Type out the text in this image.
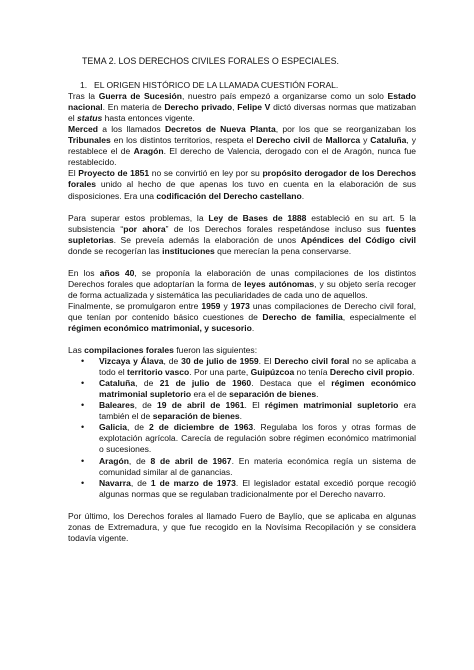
TEMA 2. LOS DERECHOS CIVILES FORALES O ESPECIALES.
1. EL ORIGEN HISTÓRICO DE LA LLAMADA CUESTIÓN FORAL.

Tras la Guerra de Sucesión, nuestro país empezó a organizarse como un solo Estado nacional. En materia de Derecho privado, Felipe V dictó diversas normas que matizaban el status hasta entonces vigente.

Merced a los llamados Decretos de Nueva Planta, por los que se reorganizaban los Tribunales en los distintos territorios, respeta el Derecho civil de Mallorca y Cataluña, y restablece el de Aragón. El derecho de Valencia, derogado con el de Aragón, nunca fue restablecido.

El Proyecto de 1851 no se convirtió en ley por su propósito derogador de los Derechos forales unido al hecho de que apenas los tuvo en cuenta en la elaboración de sus disposiciones. Era una codificación del Derecho castellano.

Para superar estos problemas, la Ley de Bases de 1888 estableció en su art. 5 la subsistencia “por ahora” de los Derechos forales respetándose incluso sus fuentes supletorias. Se preveía además la elaboración de unos Apéndices del Código civil donde se recogerían las instituciones que merecían la pena conservarse.

En los años 40, se proponía la elaboración de unas compilaciones de los distintos Derechos forales que adoptarían la forma de leyes autónomas, y su objeto sería recoger de forma actualizada y sistemática las peculiaridades de cada uno de aquellos.

Finalmente, se promulgaron entre 1959 y 1973 unas compilaciones de Derecho civil foral, que tenían por contenido básico cuestiones de Derecho de familia, especialmente el régimen económico matrimonial, y sucesorio.

Las compilaciones forales fueron las siguientes:

• Vizcaya y Álava, de 30 de julio de 1959. El Derecho civil foral no se aplicaba a todo el territorio vasco. Por una parte, Guipúzcoa no tenía Derecho civil propio.
• Cataluña, de 21 de julio de 1960. Destaca que el régimen económico matrimonial supletorio era el de separación de bienes.
• Baleares, de 19 de abril de 1961. El régimen matrimonial supletorio era también el de separación de bienes.
• Galicia, de 2 de diciembre de 1963. Regulaba los foros y otras formas de explotación agrícola. Carecía de regulación sobre régimen económico matrimonial o sucesiones.
• Aragón, de 8 de abril de 1967. En materia económica regía un sistema de comunidad similar al de ganancias.
• Navarra, de 1 de marzo de 1973. El legislador estatal excedió porque recogió algunas normas que se regulaban tradicionalmente por el Derecho navarro.

Por último, los Derechos forales al llamado Fuero de Baylío, que se aplicaba en algunas zonas de Extremadura, y que fue recogido en la Novísima Recopilación y se considera todavía vigente.
